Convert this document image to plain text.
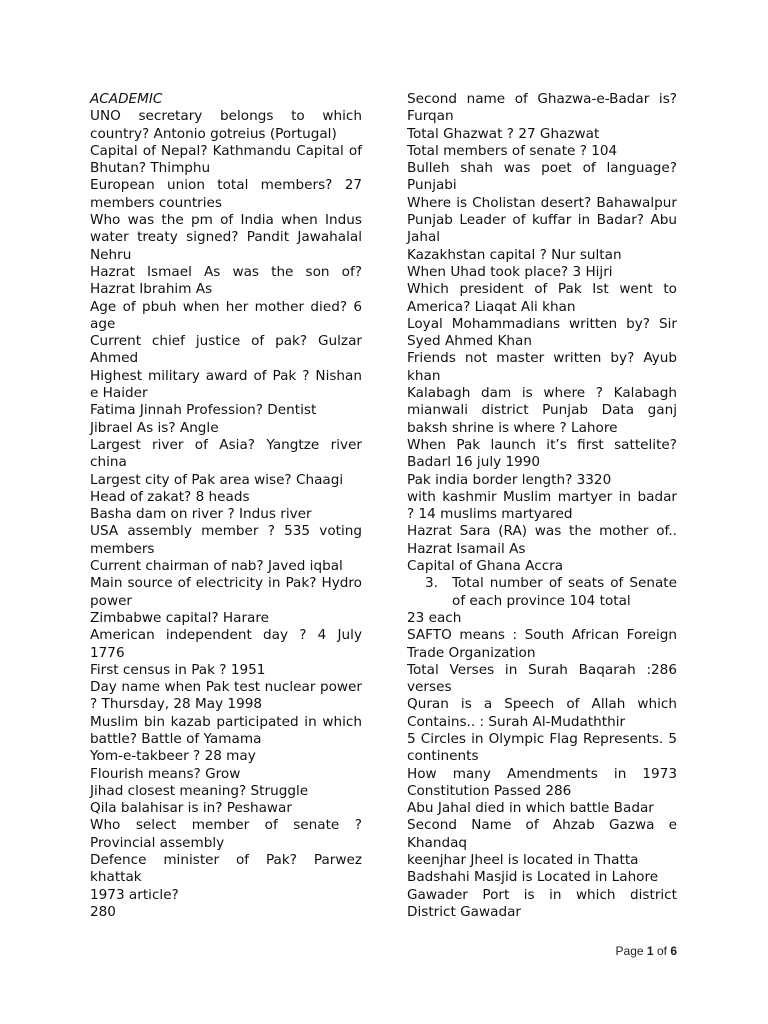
ACADEMIC

UNO secretary belongs to which country? Antonio gotreius (Portugal)

Capital of Nepal? Kathmandu Capital of Bhutan? Thimphu

European union total members? 27 members countries

Who was the pm of India when Indus water treaty signed? Pandit Jawahalal Nehru

Hazrat Ismael As was the son of? Hazrat Ibrahim As

Age of pbuh when her mother died? 6 age

Current chief justice of pak? Gulzar Ahmed

Highest military award of Pak ? Nishan e Haider

Fatima Jinnah Profession? Dentist

Jibrael As is? Angle

Largest river of Asia? Yangtze river china

Largest city of Pak area wise? Chaagi

Head of zakat? 8 heads

Basha dam on river ? Indus river

USA assembly member ? 535 voting members

Current chairman of nab? Javed iqbal

Main source of electricity in Pak? Hydro power

Zimbabwe capital? Harare

American independent day ? 4 July 1776

First census in Pak ? 1951

Day name when Pak test nuclear power ? Thursday, 28 May 1998

Muslim bin kazab participated in which battle? Battle of Yamama

Yom-e-takbeer ? 28 may

Flourish means? Grow

Jihad closest meaning? Struggle

Qila balahisar is in? Peshawar

Who select member of senate ? Provincial assembly

Defence minister of Pak? Parwez khattak

1973 article?

280

Second name of Ghazwa-e-Badar is? Furqan

Total Ghazwat ? 27 Ghazwat

Total members of senate ? 104

Bulleh shah was poet of language? Punjabi

Where is Cholistan desert? Bahawalpur Punjab Leader of kuffar in Badar? Abu Jahal

Kazakhstan capital ? Nur sultan

When Uhad took place? 3 Hijri

Which president of Pak Ist went to America? Liaqat Ali khan

Loyal Mohammadians written by? Sir Syed Ahmed Khan

Friends not master written by? Ayub khan

Kalabagh dam is where ? Kalabagh mianwali district Punjab Data ganj baksh shrine is where ? Lahore

When Pak launch it’s first sattelite? Badarl 16 july 1990

Pak india border length? 3320

with kashmir Muslim martyer in badar ? 14 muslims martyared

Hazrat Sara (RA) was the mother of.. Hazrat Isamail As

Capital of Ghana Accra

3. Total number of seats of Senate of each province 104 total

23 each

SAFTO means : South African Foreign Trade Organization

Total Verses in Surah Baqarah :286 verses

Quran is a Speech of Allah which Contains.. : Surah Al-Mudaththir

5 Circles in Olympic Flag Represents. 5 continents

How many Amendments in 1973 Constitution Passed 286

Abu Jahal died in which battle Badar

Second Name of Ahzab Gazwa e Khandaq

keenjhar Jheel is located in Thatta

Badshahi Masjid is Located in Lahore

Gawader Port is in which district District Gawadar

Page 1 of 6
